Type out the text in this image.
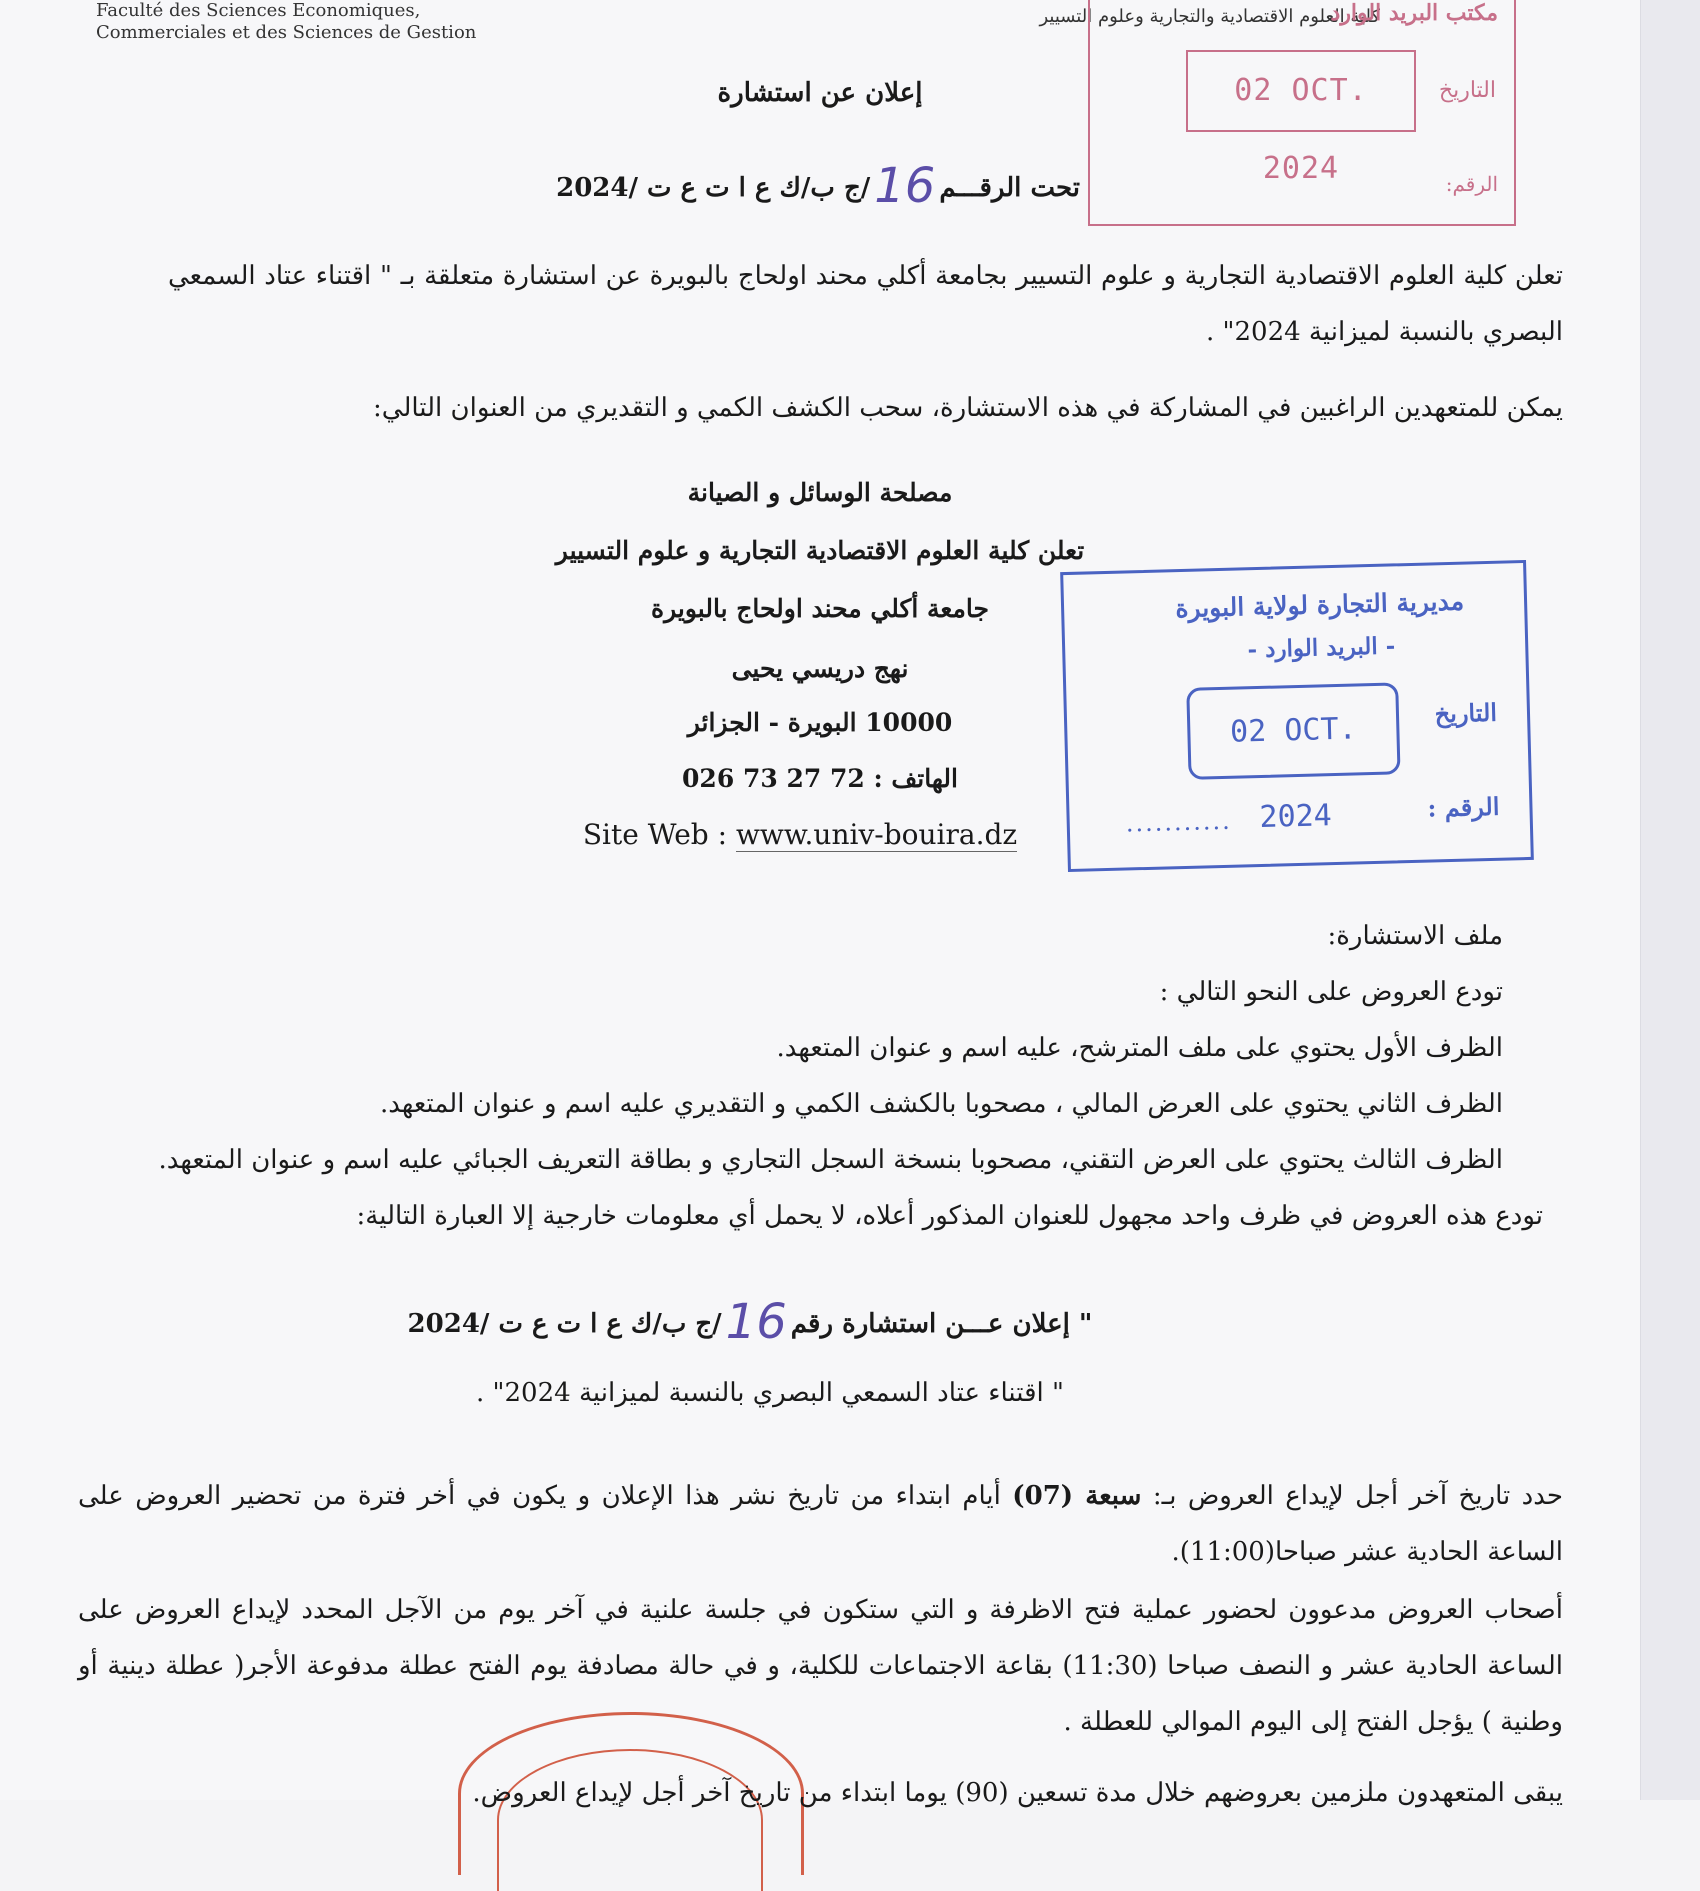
Faculté des Sciences Economiques,
Commerciales et des Sciences de Gestion
كلية العلوم الاقتصادية والتجارية وعلوم التسيير
مكتب البريد الوارد
التاريخ
02 OCT. 2024	الرقم:
إعلان عن استشارة
تحت الرقـــم16/ج ب/ك ع ا ت ع ت /2024
تعلن كلية العلوم الاقتصادية التجارية و علوم التسيير بجامعة أكلي محند اولحاج بالبويرة عن استشارة متعلقة بـ " اقتناء عتاد السمعي البصري بالنسبة لميزانية 2024" .
يمكن للمتعهدين الراغبين في المشاركة في هذه الاستشارة، سحب الكشف الكمي و التقديري من العنوان التالي:
مصلحة الوسائل و الصيانة
تعلن كلية العلوم الاقتصادية التجارية و علوم التسيير
جامعة أكلي محند اولحاج بالبويرة
نهج دريسي يحيى
10000 البويرة - الجزائر
الهاتف : 72 27 73 026
Site Web : www.univ-bouira.dz
مديرية التجارة لولاية البويرة
- البريد الوارد -
التاريخ
02 OCT. 2024	الرقم :
...........
ملف الاستشارة:
تودع العروض على النحو التالي :
الظرف الأول يحتوي على ملف المترشح، عليه اسم و عنوان المتعهد.
الظرف الثاني يحتوي على العرض المالي ، مصحوبا بالكشف الكمي و التقديري عليه اسم و عنوان المتعهد.
الظرف الثالث يحتوي على العرض التقني، مصحوبا بنسخة السجل التجاري و بطاقة التعريف الجبائي عليه اسم و عنوان المتعهد.
تودع هذه العروض في ظرف واحد مجهول للعنوان المذكور أعلاه، لا يحمل أي معلومات خارجية إلا العبارة التالية:
" إعلان عـــن استشارة رقم16/ج ب/ك ع ا ت ع ت /2024
" اقتناء عتاد السمعي البصري بالنسبة لميزانية 2024" .
حدد تاريخ آخر أجل لإيداع العروض بـ: سبعة (07) أيام ابتداء من تاريخ نشر هذا الإعلان و يكون في أخر فترة من تحضير العروض على الساعة الحادية عشر صباحا(11:00).
أصحاب العروض مدعوون لحضور عملية فتح الاظرفة و التي ستكون في جلسة علنية في آخر يوم من الآجل المحدد لإيداع العروض على الساعة الحادية عشر و النصف صباحا (11:30) بقاعة الاجتماعات للكلية، و في حالة مصادفة يوم الفتح عطلة مدفوعة الأجر( عطلة دينية أو وطنية ) يؤجل الفتح إلى اليوم الموالي للعطلة .
يبقى المتعهدون ملزمين بعروضهم خلال مدة تسعين (90) يوما ابتداء من تاريخ آخر أجل لإيداع العروض.
